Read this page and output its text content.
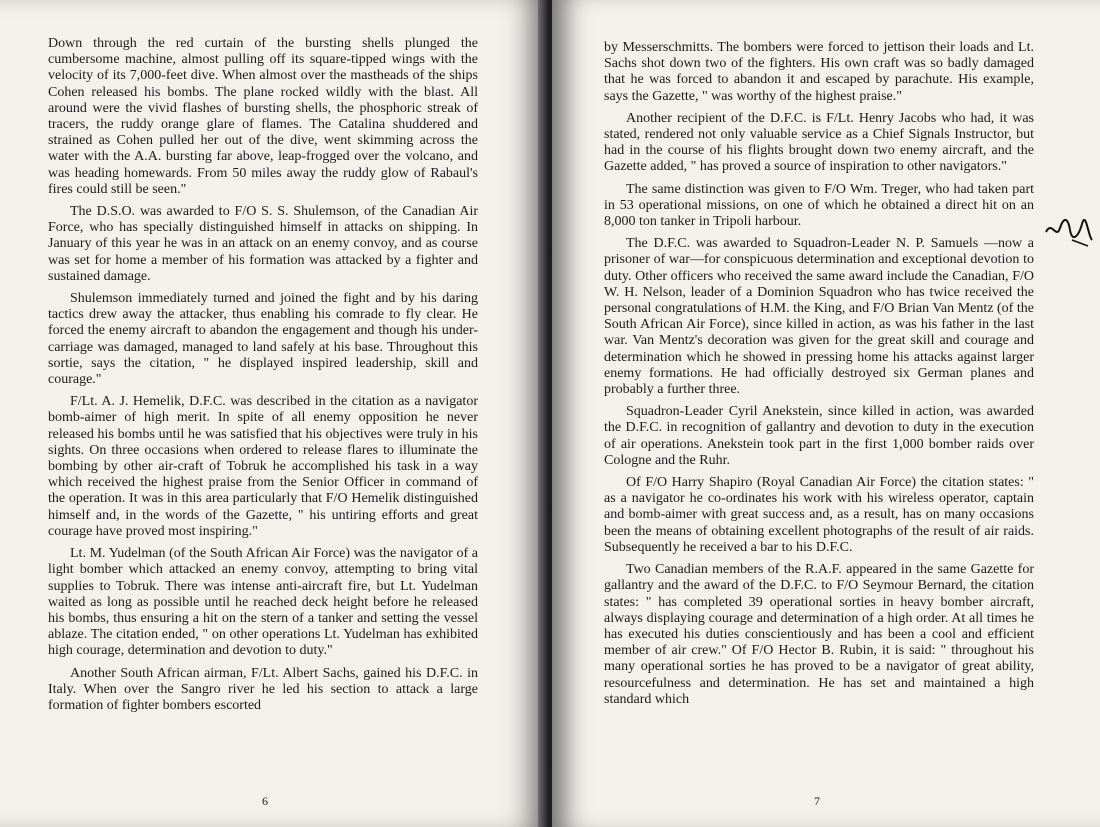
Down through the red curtain of the bursting shells plunged the cumbersome machine, almost pulling off its square-tipped wings with the velocity of its 7,000-feet dive. When almost over the mastheads of the ships Cohen released his bombs. The plane rocked wildly with the blast. All around were the vivid flashes of bursting shells, the phosphoric streak of tracers, the ruddy orange glare of flames. The Catalina shuddered and strained as Cohen pulled her out of the dive, went skimming across the water with the A.A. bursting far above, leap-frogged over the volcano, and was heading homewards. From 50 miles away the ruddy glow of Rabaul's fires could still be seen."

The D.S.O. was awarded to F/O S. S. Shulemson, of the Canadian Air Force, who has specially distinguished himself in attacks on shipping. In January of this year he was in an attack on an enemy convoy, and as course was set for home a member of his formation was attacked by a fighter and sustained damage.

Shulemson immediately turned and joined the fight and by his daring tactics drew away the attacker, thus enabling his comrade to fly clear. He forced the enemy aircraft to abandon the engagement and though his under-carriage was damaged, managed to land safely at his base. Throughout this sortie, says the citation, " he displayed inspired leadership, skill and courage."

F/Lt. A. J. Hemelik, D.F.C. was described in the citation as a navigator bomb-aimer of high merit. In spite of all enemy opposition he never released his bombs until he was satisfied that his objectives were truly in his sights. On three occasions when ordered to release flares to illuminate the bombing by other air-craft of Tobruk he accomplished his task in a way which received the highest praise from the Senior Officer in command of the operation. It was in this area particularly that F/O Hemelik distinguished himself and, in the words of the Gazette, " his untiring efforts and great courage have proved most inspiring."

Lt. M. Yudelman (of the South African Air Force) was the navigator of a light bomber which attacked an enemy convoy, attempting to bring vital supplies to Tobruk. There was intense anti-aircraft fire, but Lt. Yudelman waited as long as possible until he reached deck height before he released his bombs, thus ensuring a hit on the stern of a tanker and setting the vessel ablaze. The citation ended, " on other operations Lt. Yudelman has exhibited high courage, determination and devotion to duty."

Another South African airman, F/Lt. Albert Sachs, gained his D.F.C. in Italy. When over the Sangro river he led his section to attack a large formation of fighter bombers escorted

6

by Messerschmitts. The bombers were forced to jettison their loads and Lt. Sachs shot down two of the fighters. His own craft was so badly damaged that he was forced to abandon it and escaped by parachute. His example, says the Gazette, " was worthy of the highest praise."

Another recipient of the D.F.C. is F/Lt. Henry Jacobs who had, it was stated, rendered not only valuable service as a Chief Signals Instructor, but had in the course of his flights brought down two enemy aircraft, and the Gazette added, " has proved a source of inspiration to other navigators."

The same distinction was given to F/O Wm. Treger, who had taken part in 53 operational missions, on one of which he obtained a direct hit on an 8,000 ton tanker in Tripoli harbour.

The D.F.C. was awarded to Squadron-Leader N. P. Samuels —now a prisoner of war—for conspicuous determination and exceptional devotion to duty. Other officers who received the same award include the Canadian, F/O W. H. Nelson, leader of a Dominion Squadron who has twice received the personal congratulations of H.M. the King, and F/O Brian Van Mentz (of the South African Air Force), since killed in action, as was his father in the last war. Van Mentz's decoration was given for the great skill and courage and determination which he showed in pressing home his attacks against larger enemy formations. He had officially destroyed six German planes and probably a further three.

Squadron-Leader Cyril Anekstein, since killed in action, was awarded the D.F.C. in recognition of gallantry and devotion to duty in the execution of air operations. Anekstein took part in the first 1,000 bomber raids over Cologne and the Ruhr.

Of F/O Harry Shapiro (Royal Canadian Air Force) the citation states: " as a navigator he co-ordinates his work with his wireless operator, captain and bomb-aimer with great success and, as a result, has on many occasions been the means of obtaining excellent photographs of the result of air raids. Subsequently he received a bar to his D.F.C.

Two Canadian members of the R.A.F. appeared in the same Gazette for gallantry and the award of the D.F.C. to F/O Seymour Bernard, the citation states: " has completed 39 operational sorties in heavy bomber aircraft, always displaying courage and determination of a high order. At all times he has executed his duties conscientiously and has been a cool and efficient member of air crew." Of F/O Hector B. Rubin, it is said: " throughout his many operational sorties he has proved to be a navigator of great ability, resourcefulness and determination. He has set and maintained a high standard which

7
